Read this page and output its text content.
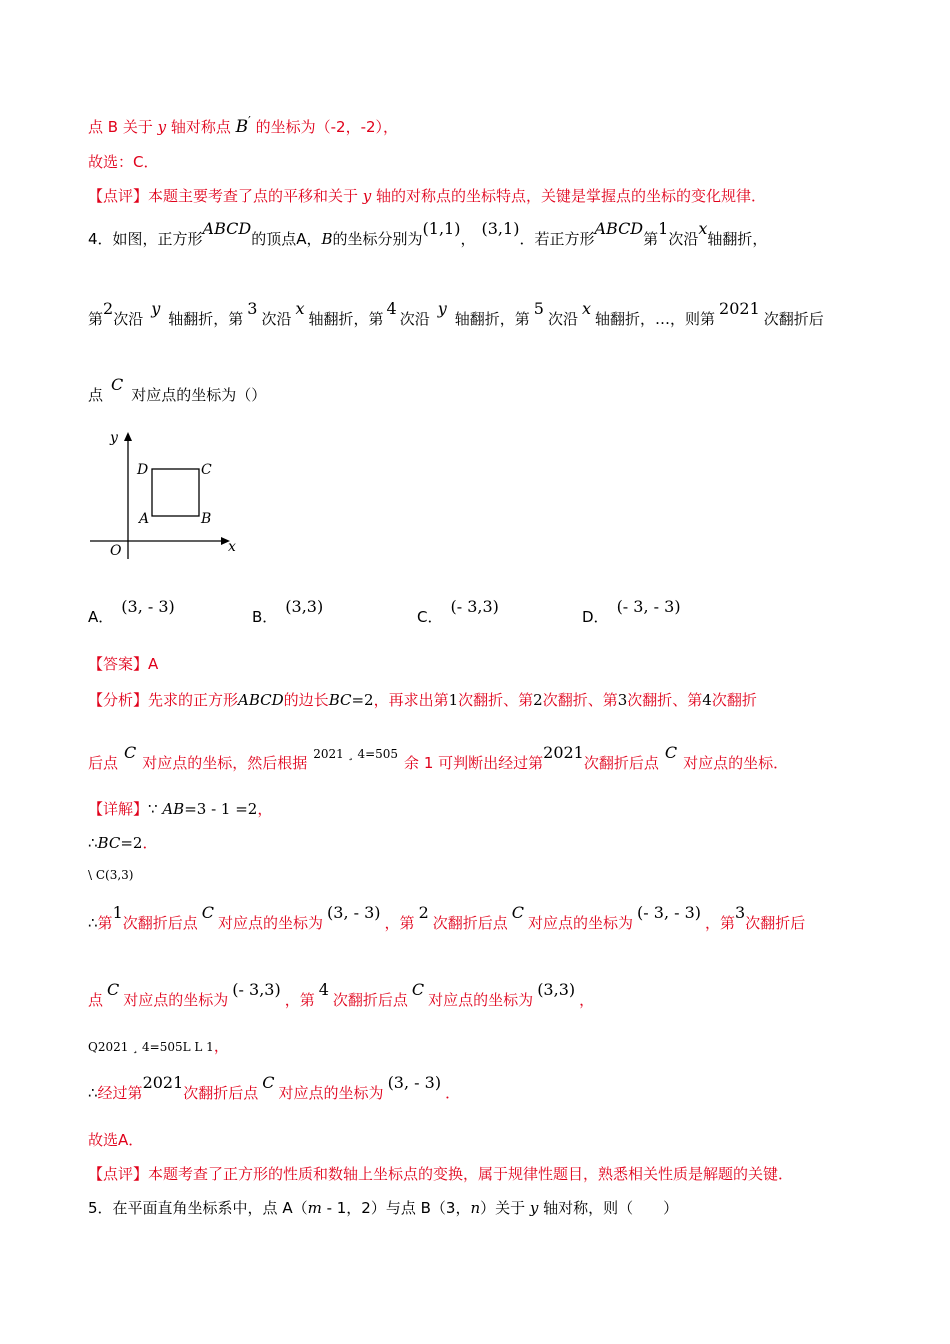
点 B 关于 y 轴对称点 B′ 的坐标为（-2，-2），
故选：C．
【点评】本题主要考查了点的平移和关于 y 轴的对称点的坐标特点，关键是掌握点的坐标的变化规律．
4．如图，正方形ABCD的顶点A，B的坐标分别为(1,1)，(3,1)．若正方形ABCD第1次沿x轴翻折，
第2次沿y轴翻折，第3次沿x轴翻折，第4次沿y轴翻折，第5次沿x轴翻折，…，则第2021次翻折后
点C对应点的坐标为（）
y
x
O
A	B
C
D
A．(3, - 3)
B．(3,3)
C．(- 3,3)
D．(- 3, - 3)
【答案】A
【分析】先求的正方形ABCD的边长BC=2，再求出第1次翻折、第2次翻折、第3次翻折、第4次翻折
后点C对应点的坐标，然后根据 $^{2021 ¸ 4=505}$ 余 1 可判断出经过第2021次翻折后点C对应点的坐标．
【详解】∵ AB=3 - 1 =2，
∴BC=2．
\ C(3,3)
∴第1次翻折后点C对应点的坐标为(3, - 3)，第2次翻折后点C对应点的坐标为(- 3, - 3)，第3次翻折后
点C对应点的坐标为(- 3,3)，第4次翻折后点C对应点的坐标为(3,3)，
Q2021 ¸ 4=505L L 1，
∴经过第2021次翻折后点C对应点的坐标为(3, - 3)．
故选A．
【点评】本题考查了正方形的性质和数轴上坐标点的变换，属于规律性题目，熟悉相关性质是解题的关键．
5．在平面直角坐标系中，点 A（m - 1，2）与点 B（3，n）关于 y 轴对称，则（　　）
